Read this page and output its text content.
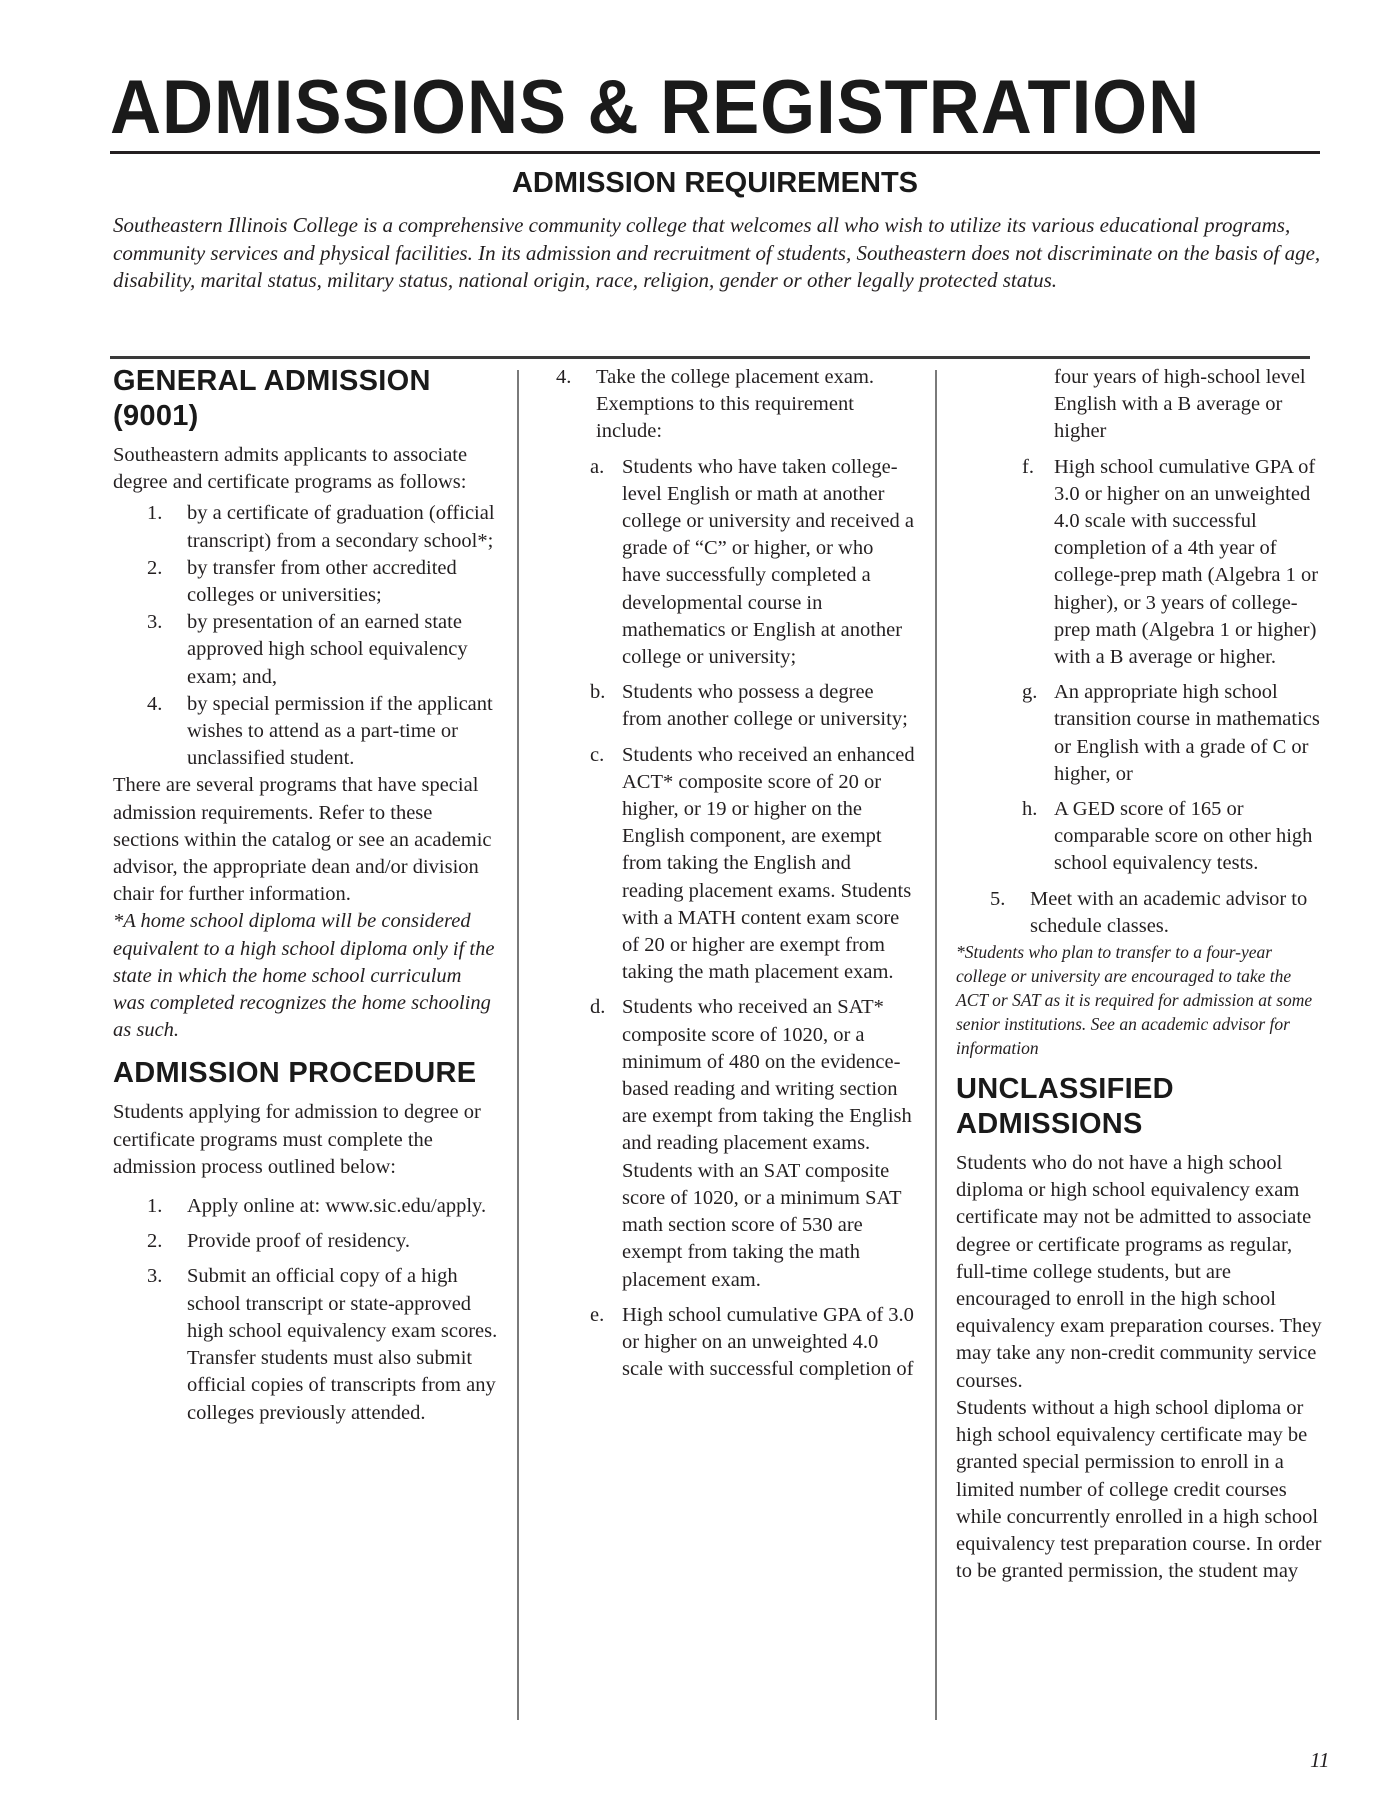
ADMISSIONS & REGISTRATION
ADMISSION REQUIREMENTS

Southeastern Illinois College is a comprehensive community college that welcomes all who wish to utilize its various educational programs, community services and physical facilities. In its admission and recruitment of students, Southeastern does not discriminate on the basis of age, disability, marital status, military status, national origin, race, religion, gender or other legally protected status.

GENERAL ADMISSION (9001)

Southeastern admits applicants to associate degree and certificate programs as follows:

1.	by a certificate of graduation (official transcript) from a secondary school*;
2.	by transfer from other accredited colleges or universities;
3.	by presentation of an earned state approved high school equivalency exam; and,
4.	by special permission if the applicant wishes to attend as a part-time or unclassified student.

There are several programs that have special admission requirements. Refer to these sections within the catalog or see an academic advisor, the appropriate dean and/or division chair for further information.

*A home school diploma will be considered equivalent to a high school diploma only if the state in which the home school curriculum was completed recognizes the home schooling as such.

ADMISSION PROCEDURE

Students applying for admission to degree or certificate programs must complete the admission process outlined below:

1.	Apply online at: www.sic.edu/apply.
2.	Provide proof of residency.
3.	Submit an official copy of a high school transcript or state-approved high school equivalency exam scores. Transfer students must also submit official copies of transcripts from any colleges previously attended.
4.	Take the college placement exam. Exemptions to this requirement include:
a. Students who have taken college-level English or math at another college or university and received a grade of “C” or higher, or who have successfully completed a developmental course in mathematics or English at another college or university;
b. Students who possess a degree from another college or university;
c. Students who received an enhanced ACT* composite score of 20 or higher, or 19 or higher on the English component, are exempt from taking the English and reading placement exams. Students with a MATH content exam score of 20 or higher are exempt from taking the math placement exam.
d. Students who received an SAT* composite score of 1020, or a minimum of 480 on the evidence-based reading and writing section are exempt from taking the English and reading placement exams. Students with an SAT composite score of 1020, or a minimum SAT math section score of 530 are exempt from taking the math placement exam.
e. High school cumulative GPA of 3.0 or higher on an unweighted 4.0 scale with successful completion of
four years of high-school level English with a B average or higher
f. High school cumulative GPA of 3.0 or higher on an unweighted 4.0 scale with successful completion of a 4th year of college-prep math (Algebra 1 or higher), or 3 years of college-prep math (Algebra 1 or higher) with a B average or higher.
g. An appropriate high school transition course in mathematics or English with a grade of C or higher, or
h. A GED score of 165 or comparable score on other high school equivalency tests.
5.	Meet with an academic advisor to schedule classes.

*Students who plan to transfer to a four-year college or university are encouraged to take the ACT or SAT as it is required for admission at some senior institutions. See an academic advisor for information

UNCLASSIFIED ADMISSIONS

Students who do not have a high school diploma or high school equivalency exam certificate may not be admitted to associate degree or certificate programs as regular, full-time college students, but are encouraged to enroll in the high school equivalency exam preparation courses. They may take any non-credit community service courses.

Students without a high school diploma or high school equivalency certificate may be granted special permission to enroll in a limited number of college credit courses while concurrently enrolled in a high school equivalency test preparation course. In order to be granted permission, the student may

11
